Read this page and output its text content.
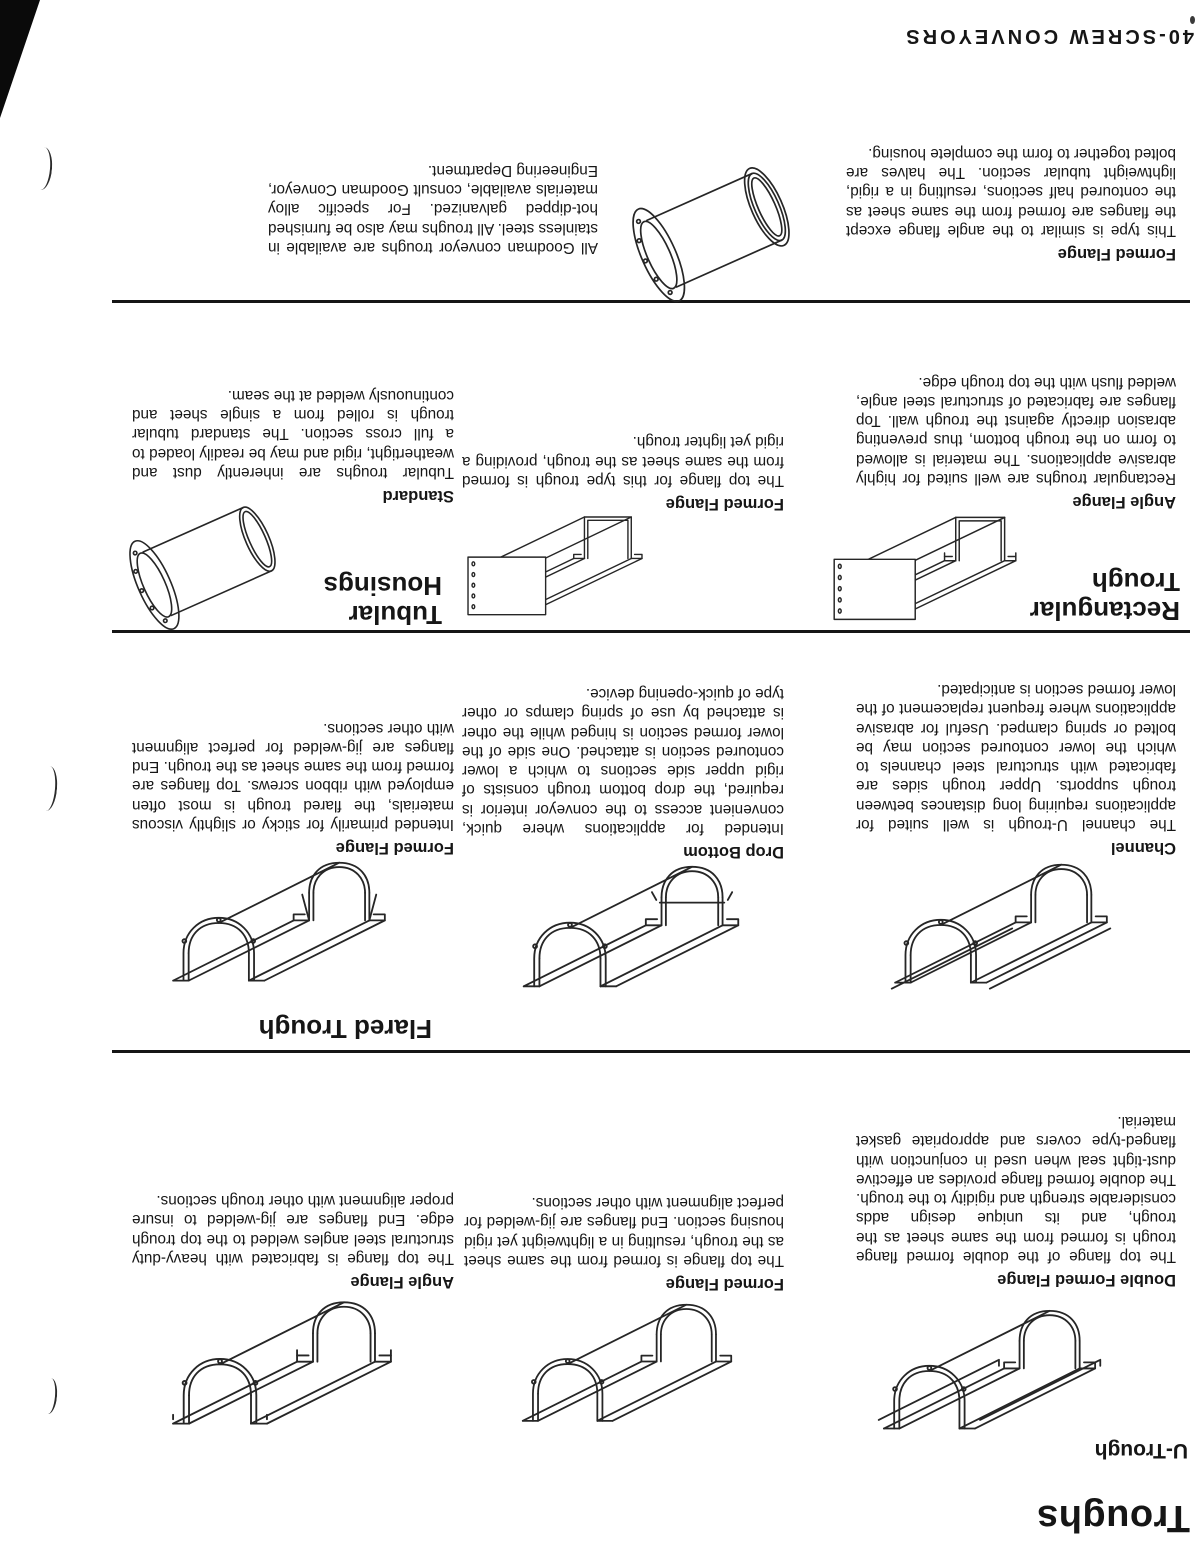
Troughs
U-Trough
Double Formed Flange

The top flange of the double formed flange trough is formed from the same sheet as the trough, and its unique design adds considerable strength and rigidity to the trough. The double formed flange provides an effective dust-tight seal when used in conjunction with flanged-type covers and appropriate gasket material.

Formed Flange

The top flange is formed from the same sheet as the trough, resulting in a lightweight yet rigid housing section. End flanges are jig-welded for perfect alignment with other sections.

Angle Flange

The top flange is fabricated with heavy-duty structural steel angles welded to the top trough edge. End flanges are jig-welded to insure proper alignment with other trough sections.

Flared Trough
Channel

The channel U-trough is well suited for applications requiring long distances between trough supports. Upper trough sides are fabricated with structural steel channels to which the lower contoured section may be bolted or spring clamped. Useful for abrasive applications where frequent replacement of the lower formed section is anticipated.

Drop Bottom

Intended for applications where quick, convenient access to the conveyor interior is required, the drop bottom trough consists of rigid upper side sections to which a lower contoured section is attached. One side of the lower formed section is hinged while the other is attached by use of spring clamps or other type of quick-opening device.

Formed Flange

Intended primarily for sticky or slightly viscous materials, the flared trough is most often employed with ribbon screws. Top flanges are formed from the same sheet as the trough. End flanges are jig-welded for perfect alignment with other sections.

Rectangular Trough
Tubular Housings
Angle Flange

Rectangular troughs are well suited for highly abrasive applications. The material is allowed to form on the trough bottom, thus preventing abrasion directly against the trough wall. Top flanges are fabricated of structural steel angle, welded flush with the top trough edge.

Formed Flange

The top flange for this type trough is formed from the same sheet as the trough, providing a rigid yet lighter trough.

Standard

Tubular troughs are inherently dust and weathertight, rigid and may be readily loaded to a full cross section. The standard tubular trough is rolled from a single sheet and continuously welded at the seam.

Formed Flange

This type is similar to the angle flange except the flanges are formed from the same sheet as the contoured half sections, resulting in a rigid, lightweight tubular section. The halves are bolted together to form the complete housing.

All Goodman conveyor troughs are available in stainless steel. All troughs may also be furnished hot-dipped galvanized. For specific alloy materials available, consult Goodman Conveyor, Engineering Department.

40-SCREW CONVEYORS
